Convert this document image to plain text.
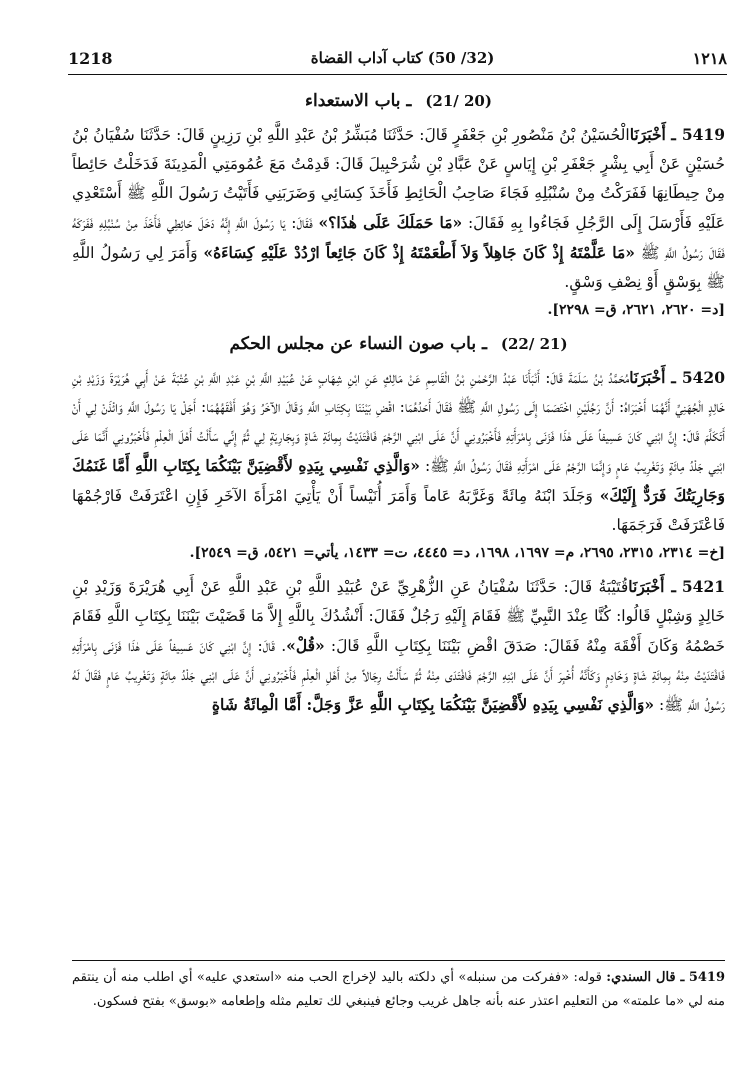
1218	(32/ 50) كتاب آداب القضاة	١٢١٨
(20 /21) ـ باب الاستعداء

5419ـ أَخْبَرَنَاالْحُسَيْنُ بْنُ مَنْصُورِ بْنِ جَعْفَرٍ قَالَ: حَدَّثَنَا مُبَشِّرُ بْنُ عَبْدِ اللَّهِ بْنِ رَزِينٍ قَالَ: حَدَّثَنَا سُفْيَانُ بْنُ حُسَيْنٍ عَنْ أَبِي بِشْرٍ جَعْفَرِ بْنِ إِيَاسٍ عَنْ عَبَّادِ بْنِ شُرَحْبِيلَ قَالَ: قَدِمْتُ مَعَ عُمُومَتِي الْمَدِينَةَ فَدَخَلْتُ حَائِطاً مِنْ حِيطَانِهَا فَفَرَكْتُ مِنْ سُنْبُلِهِ فَجَاءَ صَاحِبُ الْحَائِطِ فَأَخَذَ كِسَائِي وَضَرَبَنِي فَأَتَيْتُ رَسُولَ اللَّهِ ﷺ أَسْتَعْدِي عَلَيْهِ فَأَرْسَلَ إِلَى الرَّجُلِ فَجَاءُوا بِهِ فَقَالَ: «مَا حَمَلَكَ عَلَى هٰذَا؟» فَقَالَ: يَا رَسُولَ اللَّهِ إِنَّهُ دَخَلَ حَائِطِي فَأَخَذَ مِنْ سُنْبُلِهِ فَفَرَكَهُ فَقَالَ رَسُولُ اللَّهِ ﷺ «مَا عَلَّمْتَهُ إِذْ كَانَ جَاهِلاً وَلاَ أَطْعَمْتَهُ إِذْ كَانَ جَائِعاً ارْدُدْ عَلَيْهِ كِسَاءَهُ» وَأَمَرَ لِي رَسُولُ اللَّهِ ﷺ بِوَسْقٍ أَوْ نِصْفِ وَسْقٍ.

[د= ٢٦٢٠، ٢٦٢١، ق= ٢٢٩٨].
(21 /22) ـ باب صون النساء عن مجلس الحكم

5420ـ أَخْبَرَنَامُحَمَّدُ بْنُ سَلَمَةَ قَالَ: أَنْبَأَنَا عَبْدُ الرَّحْمٰنِ بْنُ الْقَاسِمِ عَنْ مَالِكٍ عَنِ ابْنِ شِهَابٍ عَنْ عُبَيْدِ اللَّهِ بْنِ عَبْدِ اللَّهِ بْنِ عُتْبَةَ عَنْ أَبِي هُرَيْرَةَ وَزَيْدِ بْنِ خَالِدٍ الْجُهَنِيِّ أَنَّهُمَا أَخْبَرَاهُ: أَنَّ رَجُلَيْنِ اخْتَصَمَا إِلَى رَسُولِ اللَّهِ ﷺ فَقَالَ أَحَدُهُمَا: اقْضِ بَيْنَنَا بِكِتَابِ اللَّهِ وَقَالَ الآخَرُ وَهُوَ أَفْقَهُهُمَا: أَجَلْ يَا رَسُولَ اللَّهِ وَائْذَنْ لِي أَنْ أَتَكَلَّمَ قَالَ: إِنَّ ابْنِي كَانَ عَسِيفاً عَلَى هٰذَا فَزَنَى بِامْرَأَتِهِ فَأَخْبَرُونِي أَنَّ عَلَى ابْنِي الرَّجْمَ فَافْتَدَيْتُ بِمِائَةِ شَاةٍ وَبِجَارِيَةٍ لِي ثُمَّ إِنِّي سَأَلْتُ أَهْلَ الْعِلْمِ فَأَخْبَرُونِي أَنَّمَا عَلَى ابْنِي جَلْدُ مِائَةٍ وَتَغْرِيبُ عَامٍ وَإِنَّمَا الرَّجْمُ عَلَى امْرَأَتِهِ فَقَالَ رَسُولُ اللَّهِ ﷺ: «وَالَّذِي نَفْسِي بِيَدِهِ لأَقْضِيَنَّ بَيْنَكُمَا بِكِتَابِ اللَّهِ أَمَّا غَنَمُكَ وَجَارِيَتُكَ فَرَدٌّ إِلَيْكَ» وَجَلَدَ ابْنَهُ مِائَةً وَغَرَّبَهُ عَاماً وَأَمَرَ أُنَيْساً أَنْ يَأْتِيَ امْرَأَةَ الآخَرِ فَإِنِ اعْتَرَفَتْ فَارْجُمْهَا فَاعْتَرَفَتْ فَرَجَمَهَا.

[خ= ٢٣١٤، ٢٣١٥، ٢٦٩٥، م= ١٦٩٧، ١٦٩٨، د= ٤٤٤٥، ت= ١٤٣٣، يأتي= ٥٤٢١، ق= ٢٥٤٩].

5421ـ أَخْبَرَنَاقُتَيْبَةُ قَالَ: حَدَّثَنَا سُفْيَانُ عَنِ الزُّهْرِيِّ عَنْ عُبَيْدِ اللَّهِ بْنِ عَبْدِ اللَّهِ عَنْ أَبِي هُرَيْرَةَ وَزَيْدِ بْنِ خَالِدٍ وَشِبْلٍ قَالُوا: كُنَّا عِنْدَ النَّبِيِّ ﷺ فَقَامَ إِلَيْهِ رَجُلٌ فَقَالَ: أَنْشُدُكَ بِاللَّهِ إِلاَّ مَا قَضَيْتَ بَيْنَنَا بِكِتَابِ اللَّهِ فَقَامَ خَصْمُهُ وَكَانَ أَفْقَهَ مِنْهُ فَقَالَ: صَدَقَ اقْضِ بَيْنَنَا بِكِتَابِ اللَّهِ قَالَ: «قُلْ». قَالَ: إِنَّ ابْنِي كَانَ عَسِيفاً عَلَى هٰذَا فَزَنَى بِامْرَأَتِهِ فَافْتَدَيْتُ مِنْهُ بِمِائَةِ شَاةٍ وَخَادِمٍ وَكَأَنَّهُ أُخْبِرَ أَنَّ عَلَى ابْنِهِ الرَّجْمَ فَافْتَدَى مِنْهُ ثُمَّ سَأَلْتُ رِجَالاً مِنْ أَهْلِ الْعِلْمِ فَأَخْبَرُونِي أَنَّ عَلَى ابْنِي جَلْدُ مِائَةٍ وَتَغْرِيبُ عَامٍ فَقَالَ لَهُ رَسُولُ اللَّهِ ﷺ: «وَالَّذِي نَفْسِي بِيَدِهِ لأَقْضِيَنَّ بَيْنَكُمَا بِكِتَابِ اللَّهِ عَزَّ وَجَلَّ: أَمَّا الْمِائَةُ شَاةٍ

5419 ـ قال السندي: قوله: «ففركت من سنبله» أي دلكته باليد لإخراج الحب منه «استعدي عليه» أي اطلب منه أن ينتقم منه لي «ما علمته» من التعليم اعتذر عنه بأنه جاهل غريب وجائع فينبغي لك تعليم مثله وإطعامه «بوسق» بفتح فسكون.
